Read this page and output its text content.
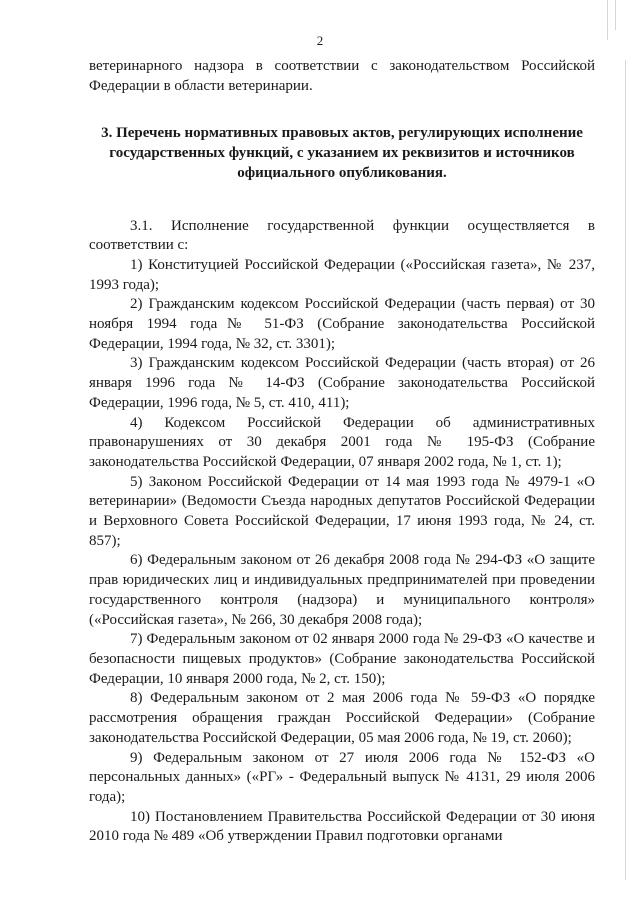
2

ветеринарного надзора в соответствии с законодательством Российской Федерации в области ветеринарии.

3. Перечень нормативных правовых актов, регулирующих исполнение государственных функций, с указанием их реквизитов и источников официального опубликования.

3.1. Исполнение государственной функции осуществляется в соответствии с:

1) Конституцией Российской Федерации («Российская газета», № 237, 1993 года);

2) Гражданским кодексом Российской Федерации (часть первая) от 30 ноября 1994 года№ 51-ФЗ (Собрание законодательства Российской Федерации, 1994 года, № 32, ст. 3301);

3) Гражданским кодексом Российской Федерации (часть вторая) от 26 января 1996 года № 14-ФЗ (Собрание законодательства Российской Федерации, 1996 года, № 5, ст. 410, 411);

4) Кодексом Российской Федерации об административных правонарушениях от 30 декабря 2001 года № 195-ФЗ (Собрание законодательства Российской Федерации, 07 января 2002 года, № 1, ст. 1);

5) Законом Российской Федерации от 14 мая 1993 года № 4979-1 «О ветеринарии» (Ведомости Съезда народных депутатов Российской Федерации и Верховного Совета Российской Федерации, 17 июня 1993 года, № 24, ст. 857);

6) Федеральным законом от 26 декабря 2008 года № 294-ФЗ «О защите прав юридических лиц и индивидуальных предпринимателей при проведении государственного контроля (надзора) и муниципального контроля» («Российская газета», № 266, 30 декабря 2008 года);

7) Федеральным законом от 02 января 2000 года № 29-ФЗ «О качестве и безопасности пищевых продуктов» (Собрание законодательства Российской Федерации, 10 января 2000 года, № 2, ст. 150);

8) Федеральным законом от 2 мая 2006 года № 59-ФЗ «О порядке рассмотрения обращения граждан Российской Федерации» (Собрание законодательства Российской Федерации, 05 мая 2006 года, № 19, ст. 2060);

9) Федеральным законом от 27 июля 2006 года № 152-ФЗ «О персональных данных» («РГ» - Федеральный выпуск № 4131, 29 июля 2006 года);

10) Постановлением Правительства Российской Федерации от 30 июня 2010 года № 489 «Об утверждении Правил подготовки органами
